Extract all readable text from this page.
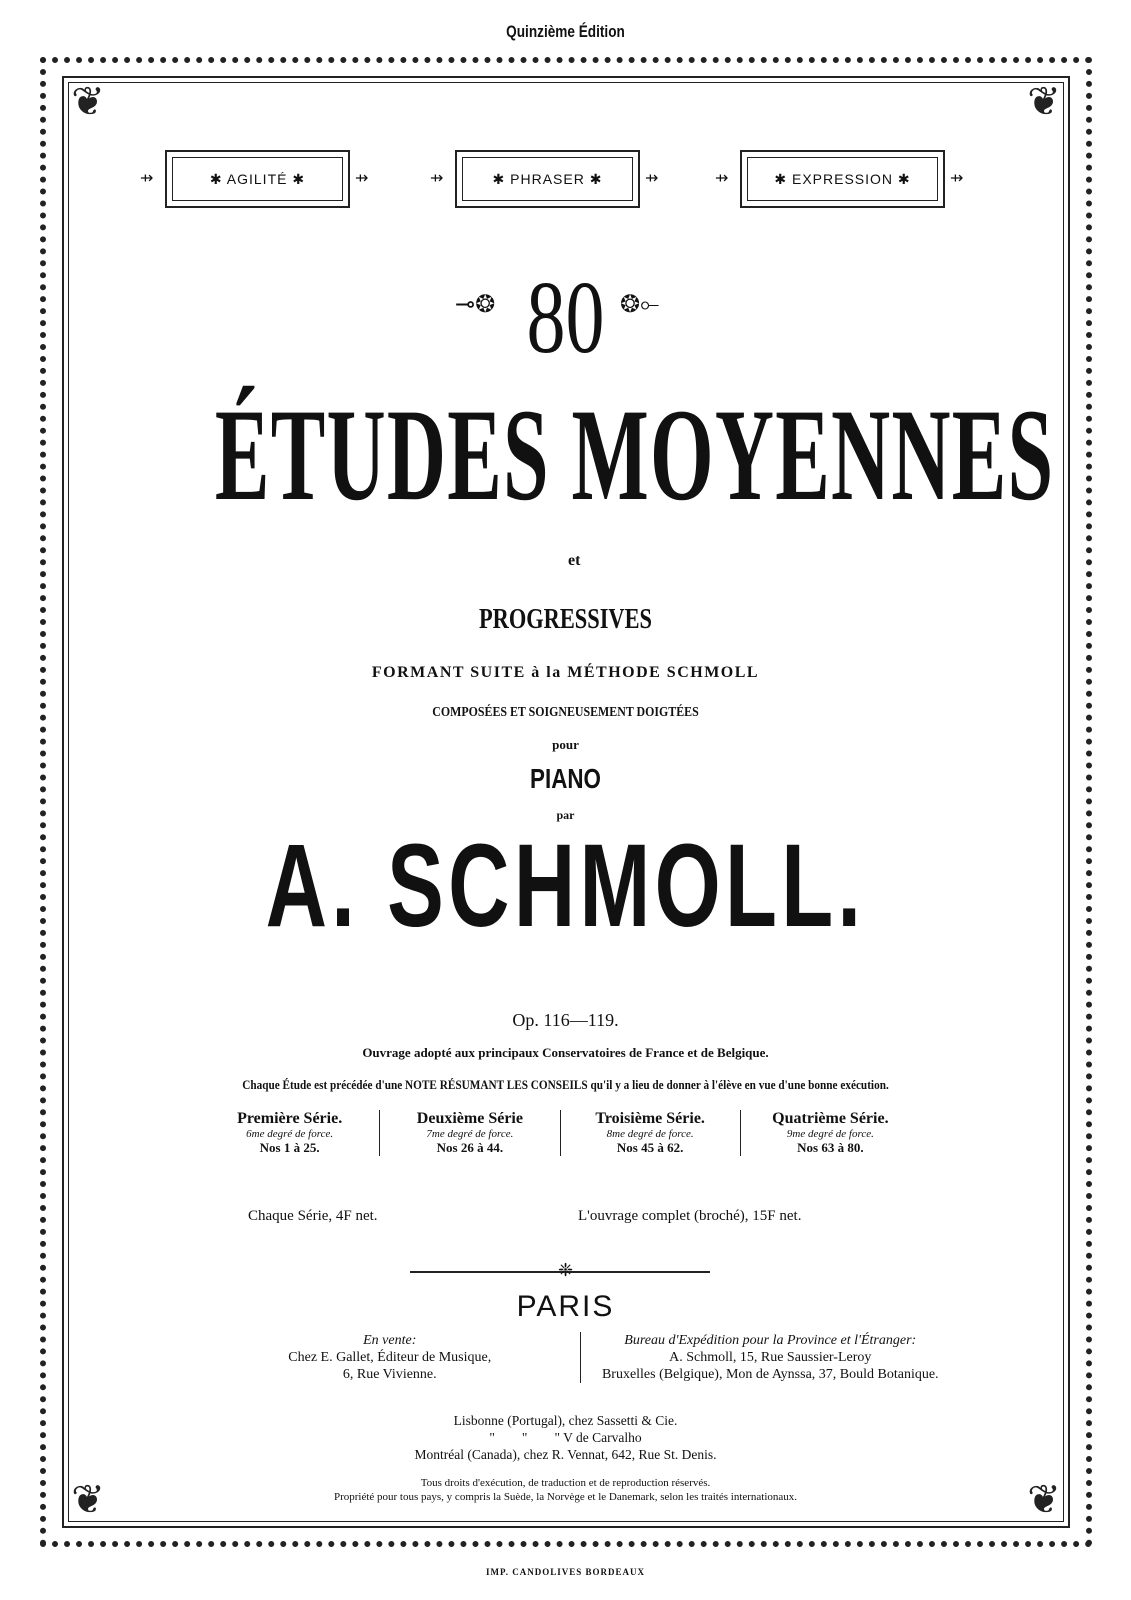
Quinzième Édition
❦	❦
❦	❦
⇸	✱ AGILITÉ ✱	⇸	⇸	✱ PHRASER ✱	⇸	⇸	✱ EXPRESSION ✱ ⇸
⊸❂ 80 ❂⟜
ÉTUDES MOYENNES
et
PROGRESSIVES
FORMANT SUITE à la MÉTHODE SCHMOLL
COMPOSÉES ET SOIGNEUSEMENT DOIGTÉES
pour
PIANO
par
A. SCHMOLL.
Op. 116—119.
Ouvrage adopté aux principaux Conservatoires de France et de Belgique.
Chaque Étude est précédée d'une NOTE RÉSUMANT LES CONSEILS qu'il y a lieu de donner à l'élève en vue d'une bonne exécution.
Première Série.
6me degré de force.
Nos 1 à 25.
Deuxième Série
7me degré de force.
Nos 26 à 44.
Troisième Série.
8me degré de force.
Nos 45 à 62.
Quatrième Série.
9me degré de force.
Nos 63 à 80.
Chaque Série, 4F net.	L'ouvrage complet (broché), 15F net.
❈
PARIS
En vente:
Chez E. Gallet, Éditeur de Musique,
6, Rue Vivienne.
Bureau d'Expédition pour la Province et l'Étranger:
A. Schmoll, 15, Rue Saussier-Leroy
Bruxelles (Belgique), Mon de Aynssa, 37, Bould Botanique.
Lisbonne (Portugal), chez Sassetti & Cie.
"        "        " V de Carvalho
Montréal (Canada), chez R. Vennat, 642, Rue St. Denis.
Tous droits d'exécution, de traduction et de reproduction réservés.
Propriété pour tous pays, y compris la Suède, la Norvège et le Danemark, selon les traités internationaux.
IMP. CANDOLIVES BORDEAUX
